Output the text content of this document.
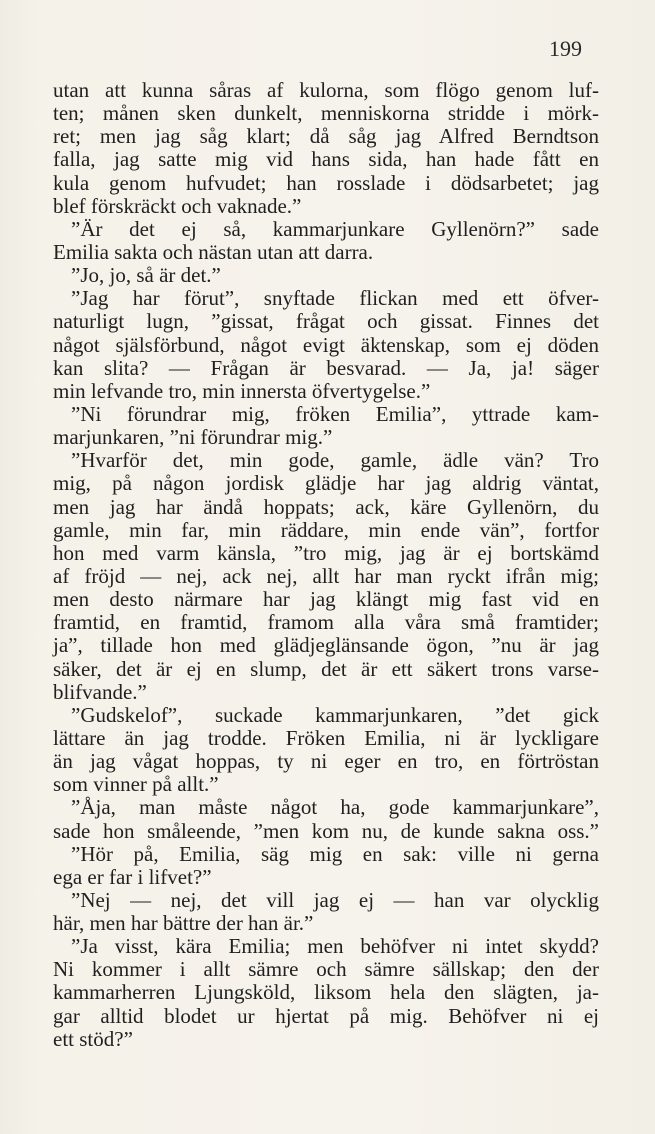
199
utan att kunna såras af kulorna, som flögo genom luf-
ten; månen sken dunkelt, menniskorna stridde i mörk-
ret; men jag såg klart; då såg jag Alfred Berndtson
falla, jag satte mig vid hans sida, han hade fått en
kula genom hufvudet; han rosslade i dödsarbetet; jag
blef förskräckt och vaknade.”
”Är det ej så, kammarjunkare Gyllenörn?” sade
Emilia sakta och nästan utan att darra.
”Jo, jo, så är det.”
”Jag har förut”, snyftade flickan med ett öfver-
naturligt lugn, ”gissat, frågat och gissat. Finnes det
något själsförbund, något evigt äktenskap, som ej döden
kan slita? — Frågan är besvarad. — Ja, ja! säger
min lefvande tro, min innersta öfvertygelse.”
”Ni förundrar mig, fröken Emilia”, yttrade kam-
marjunkaren, ”ni förundrar mig.”
”Hvarför det, min gode, gamle, ädle vän? Tro
mig, på någon jordisk glädje har jag aldrig väntat,
men jag har ändå hoppats; ack, käre Gyllenörn, du
gamle, min far, min räddare, min ende vän”, fortfor
hon med varm känsla, ”tro mig, jag är ej bortskämd
af fröjd — nej, ack nej, allt har man ryckt ifrån mig;
men desto närmare har jag klängt mig fast vid en
framtid, en framtid, framom alla våra små framtider;
ja”, tillade hon med glädjeglänsande ögon, ”nu är jag
säker, det är ej en slump, det är ett säkert trons varse-
blifvande.”
”Gudskelof”, suckade kammarjunkaren, ”det gick
lättare än jag trodde. Fröken Emilia, ni är lyckligare
än jag vågat hoppas, ty ni eger en tro, en förtröstan
som vinner på allt.”
”Åja, man måste något ha, gode kammarjunkare”,
sade hon småleende, ”men kom nu, de kunde sakna oss.”
”Hör på, Emilia, säg mig en sak: ville ni gerna
ega er far i lifvet?”
”Nej — nej, det vill jag ej — han var olycklig
här, men har bättre der han är.”
”Ja visst, kära Emilia; men behöfver ni intet skydd?
Ni kommer i allt sämre och sämre sällskap; den der
kammarherren Ljungsköld, liksom hela den slägten, ja-
gar alltid blodet ur hjertat på mig. Behöfver ni ej
ett stöd?”
